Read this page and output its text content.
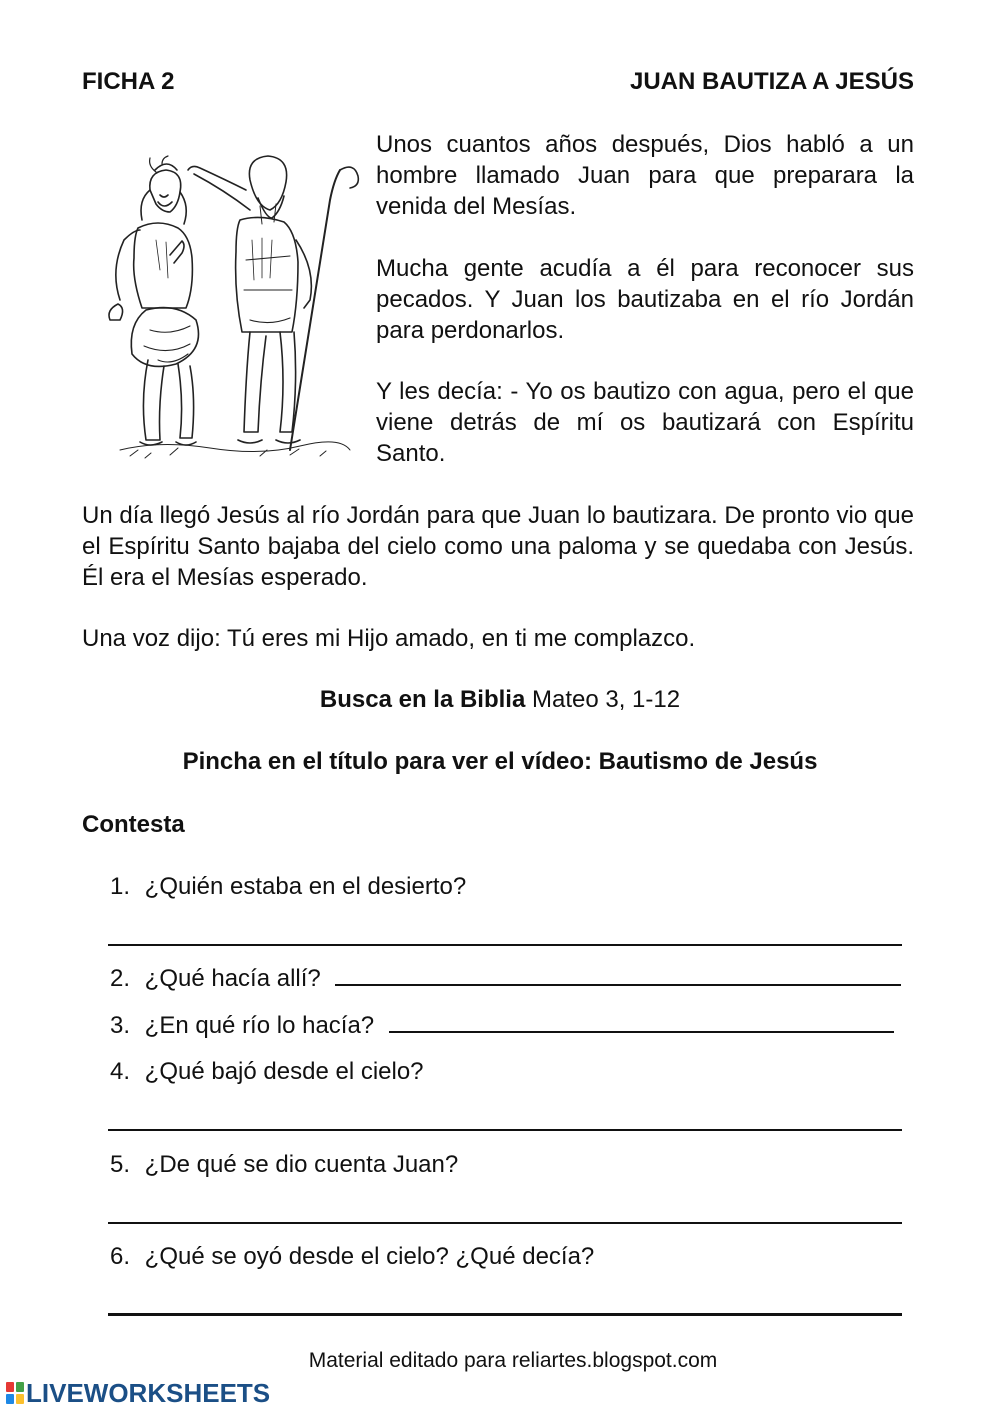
FICHA 2	JUAN BAUTIZA A JESÚS
Unos cuantos años después, Dios habló a un hombre llamado Juan para que preparara la venida del Mesías.
Mucha gente acudía a él para reconocer sus pecados. Y Juan los bautizaba en el río Jordán para perdonarlos.
Y les decía: - Yo os bautizo con agua, pero el que viene detrás de mí os bautizará con Espíritu Santo.
Un día llegó Jesús al río Jordán para que Juan lo bautizara. De pronto vio que el Espíritu Santo bajaba del cielo como una paloma y se quedaba con Jesús. Él era el Mesías esperado.
Una voz dijo: Tú eres mi Hijo amado, en ti me complazco.
Busca en la Biblia Mateo 3, 1-12
Pincha en el título para ver el vídeo: Bautismo de Jesús
Contesta
1. ¿Quién estaba en el desierto?
2. ¿Qué hacía allí?
3. ¿En qué río lo hacía?
4. ¿Qué bajó desde el cielo?
5. ¿De qué se dio cuenta Juan?
6. ¿Qué se oyó desde el cielo? ¿Qué decía?
Material editado para reliartes.blogspot.com
LIVEWORKSHEETS
